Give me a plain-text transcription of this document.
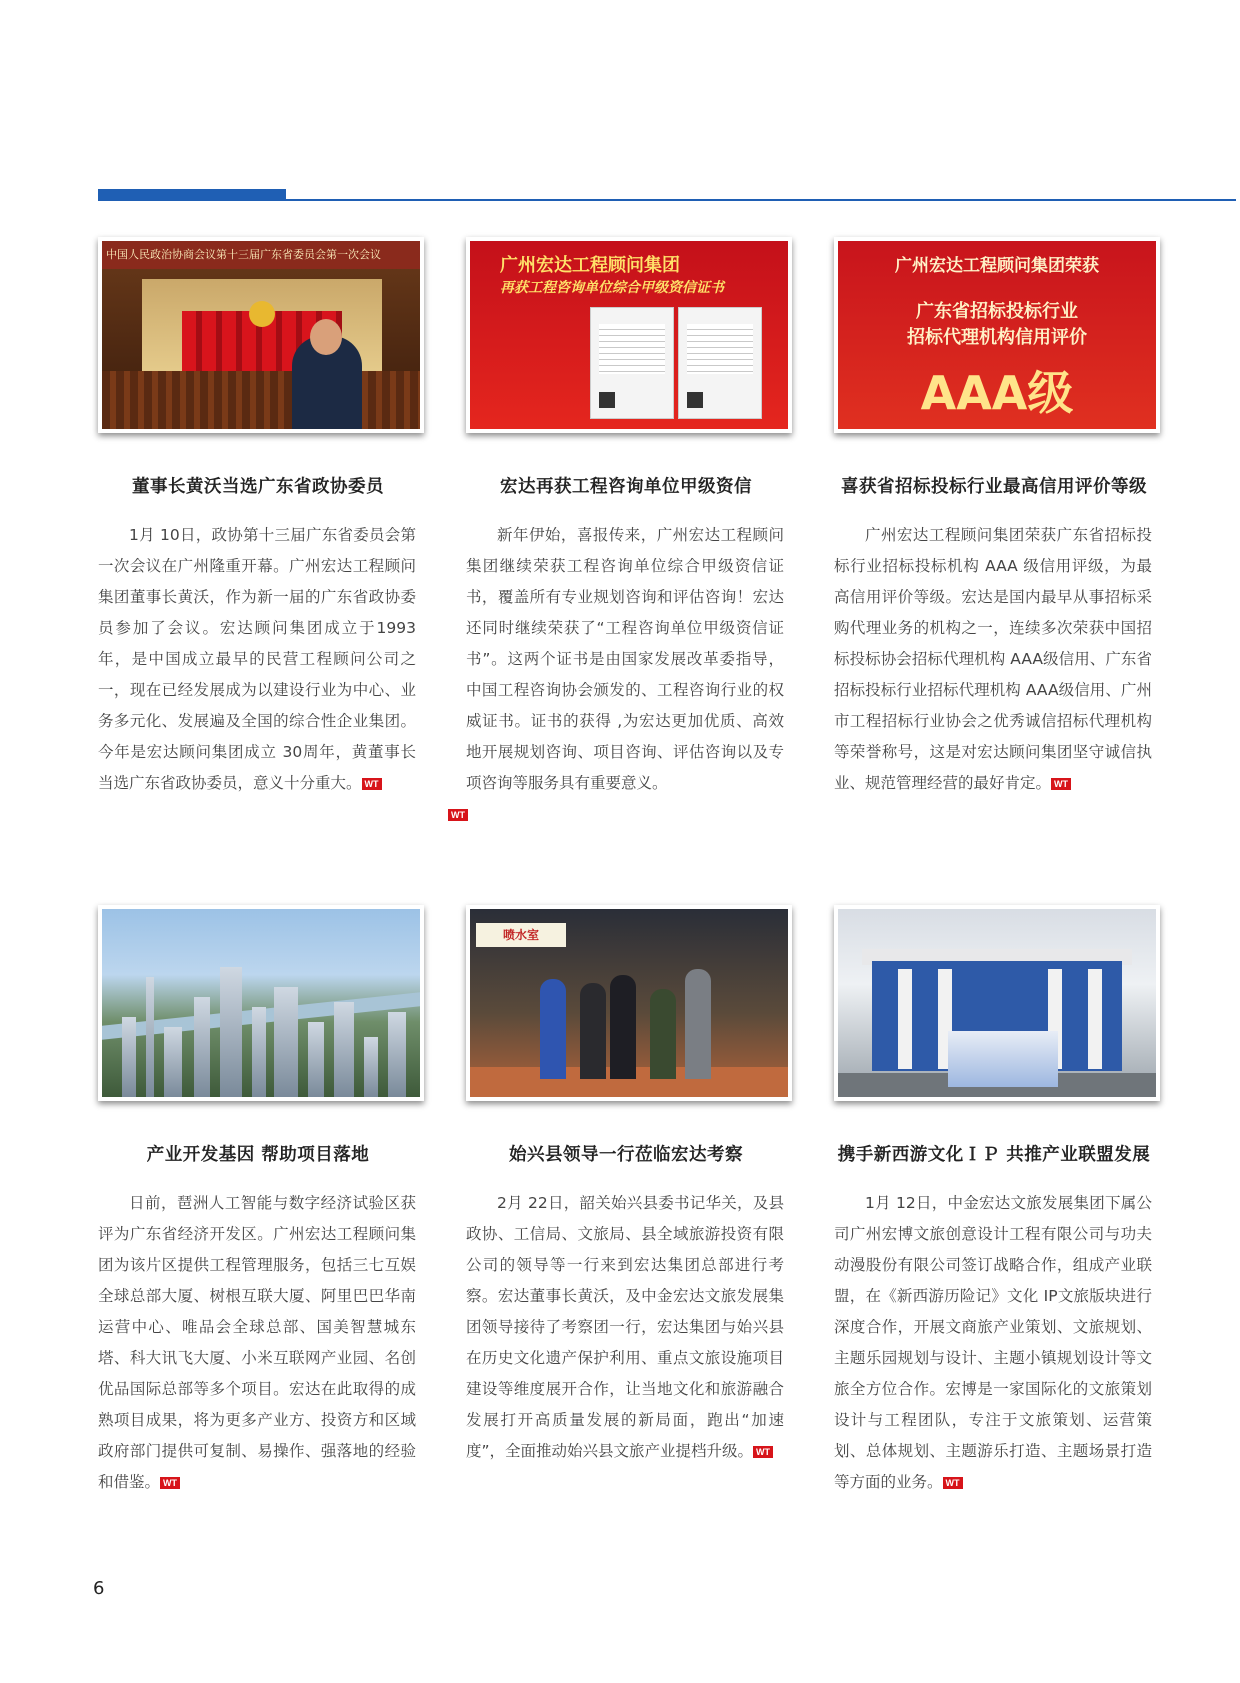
中国人民政治协商会议第十三届广东省委员会第一次会议
董事长黄沃当选广东省政协委员
1月 10日，政协第十三届广东省委员会第一次会议在广州隆重开幕。广州宏达工程顾问集团董事长黄沃，作为新一届的广东省政协委员参加了会议。宏达顾问集团成立于1993年，是中国成立最早的民营工程顾问公司之一，现在已经发展成为以建设行业为中心、业务多元化、发展遍及全国的综合性企业集团。今年是宏达顾问集团成立 30周年，黄董事长当选广东省政协委员，意义十分重大。 WT
广州宏达工程顾问集团
再获工程咨询单位综合甲级资信证书
宏达再获工程咨询单位甲级资信
新年伊始，喜报传来，广州宏达工程顾问集团继续荣获工程咨询单位综合甲级资信证书，覆盖所有专业规划咨询和评估咨询！宏达还同时继续荣获了“工程咨询单位甲级资信证书”。这两个证书是由国家发展改革委指导，中国工程咨询协会颁发的、工程咨询行业的权威证书。证书的获得 ,为宏达更加优质、高效地开展规划咨询、项目咨询、评估咨询以及专项咨询等服务具有重要意义。
WT
广州宏达工程顾问集团荣获
广东省招标投标行业
招标代理机构信用评价
AAA级
喜获省招标投标行业最高信用评价等级
广州宏达工程顾问集团荣获广东省招标投标行业招标投标机构 AAA 级信用评级，为最高信用评价等级。宏达是国内最早从事招标采购代理业务的机构之一，连续多次荣获中国招标投标协会招标代理机构 AAA级信用、广东省招标投标行业招标代理机构 AAA级信用、广州市工程招标行业协会之优秀诚信招标代理机构等荣誉称号，这是对宏达顾问集团坚守诚信执业、规范管理经营的最好肯定。 WT
产业开发基因 帮助项目落地
日前，琶洲人工智能与数字经济试验区获评为广东省经济开发区。广州宏达工程顾问集团为该片区提供工程管理服务，包括三七互娱全球总部大厦、树根互联大厦、阿里巴巴华南运营中心、唯品会全球总部、国美智慧城东塔、科大讯飞大厦、小米互联网产业园、名创优品国际总部等多个项目。宏达在此取得的成熟项目成果，将为更多产业方、投资方和区域政府部门提供可复制、易操作、强落地的经验和借鉴。 WT
喷水室
始兴县领导一行莅临宏达考察
2月 22日，韶关始兴县委书记华关，及县政协、工信局、文旅局、县全域旅游投资有限公司的领导等一行来到宏达集团总部进行考察。宏达董事长黄沃，及中金宏达文旅发展集团领导接待了考察团一行，宏达集团与始兴县在历史文化遗产保护利用、重点文旅设施项目建设等维度展开合作，让当地文化和旅游融合发展打开高质量发展的新局面，跑出“加速度”，全面推动始兴县文旅产业提档升级。 WT
携手新西游文化ＩＰ 共推产业联盟发展
1月 12日，中金宏达文旅发展集团下属公司广州宏博文旅创意设计工程有限公司与功夫动漫股份有限公司签订战略合作，组成产业联盟，在《新西游历险记》文化 IP文旅版块进行深度合作，开展文商旅产业策划、文旅规划、主题乐园规划与设计、主题小镇规划设计等文旅全方位合作。宏博是一家国际化的文旅策划设计与工程团队，专注于文旅策划、运营策划、总体规划、主题游乐打造、主题场景打造等方面的业务。 WT
6
